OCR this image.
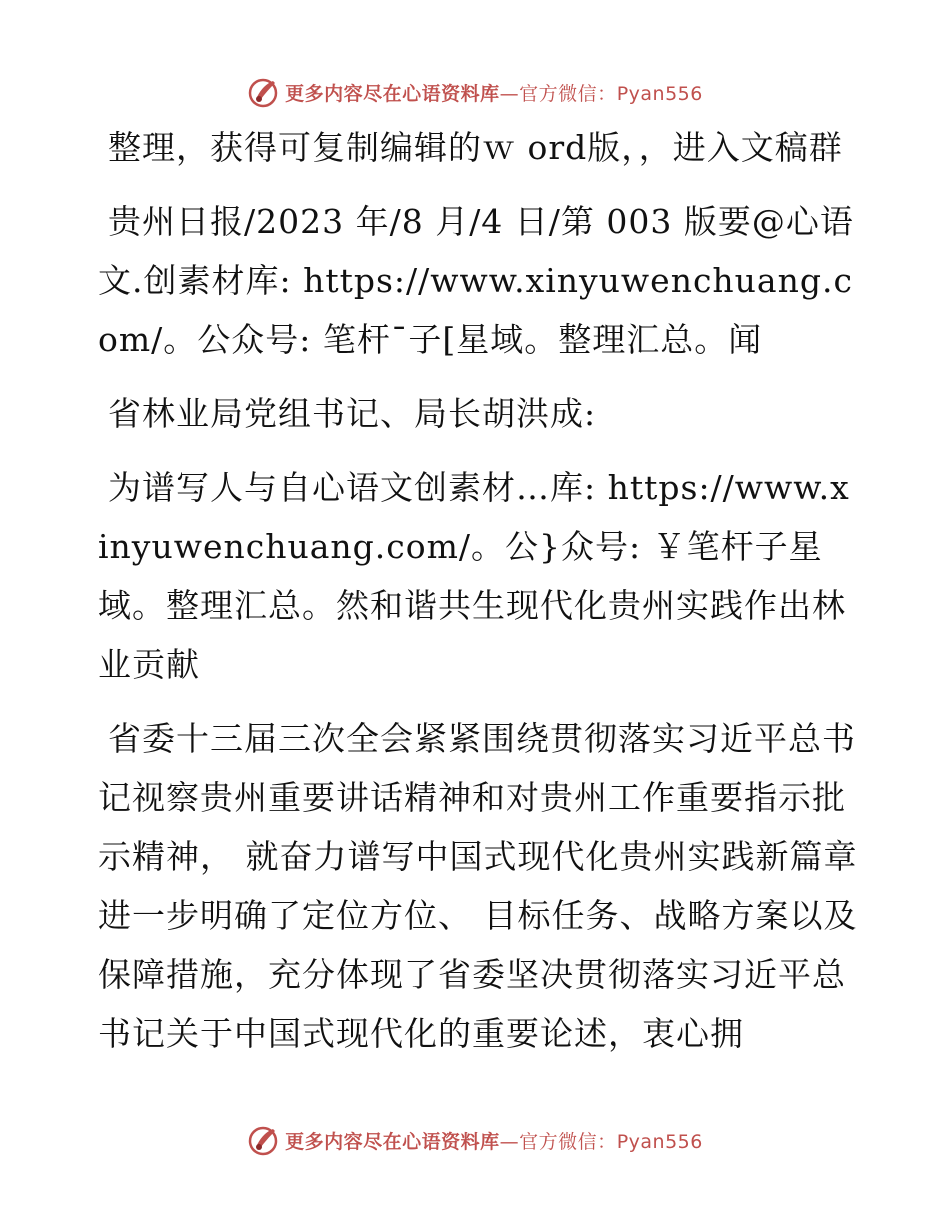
更多内容尽在心语资料库—官方微信：Pyan556

整理，获得可复制编辑的ｗ ord版，，进入文稿群

贵州日报/2023 年/8 月/4 日/第 003 版要@心语文.创素材库: https://www.xinyuwenchuang.com/。公众号: 笔杆¯子[星域。整理汇总。闻

省林业局党组书记、局长胡洪成:

为谱写人与自心语文创素材…库: https://www.xinyuwenchuang.com/。公}众号: ￥笔杆子星域。整理汇总。然和谐共生现代化贵州实践作出林业贡献

省委十三届三次全会紧紧围绕贯彻落实习近平总书记视察贵州重要讲话精神和对贵州工作重要指示批示精神， 就奋力谱写中国式现代化贵州实践新篇章进一步明确了定位方位、 目标任务、战略方案以及保障措施，充分体现了省委坚决贯彻落实习近平总书记关于中国式现代化的重要论述，衷心拥

更多内容尽在心语资料库—官方微信：Pyan556
